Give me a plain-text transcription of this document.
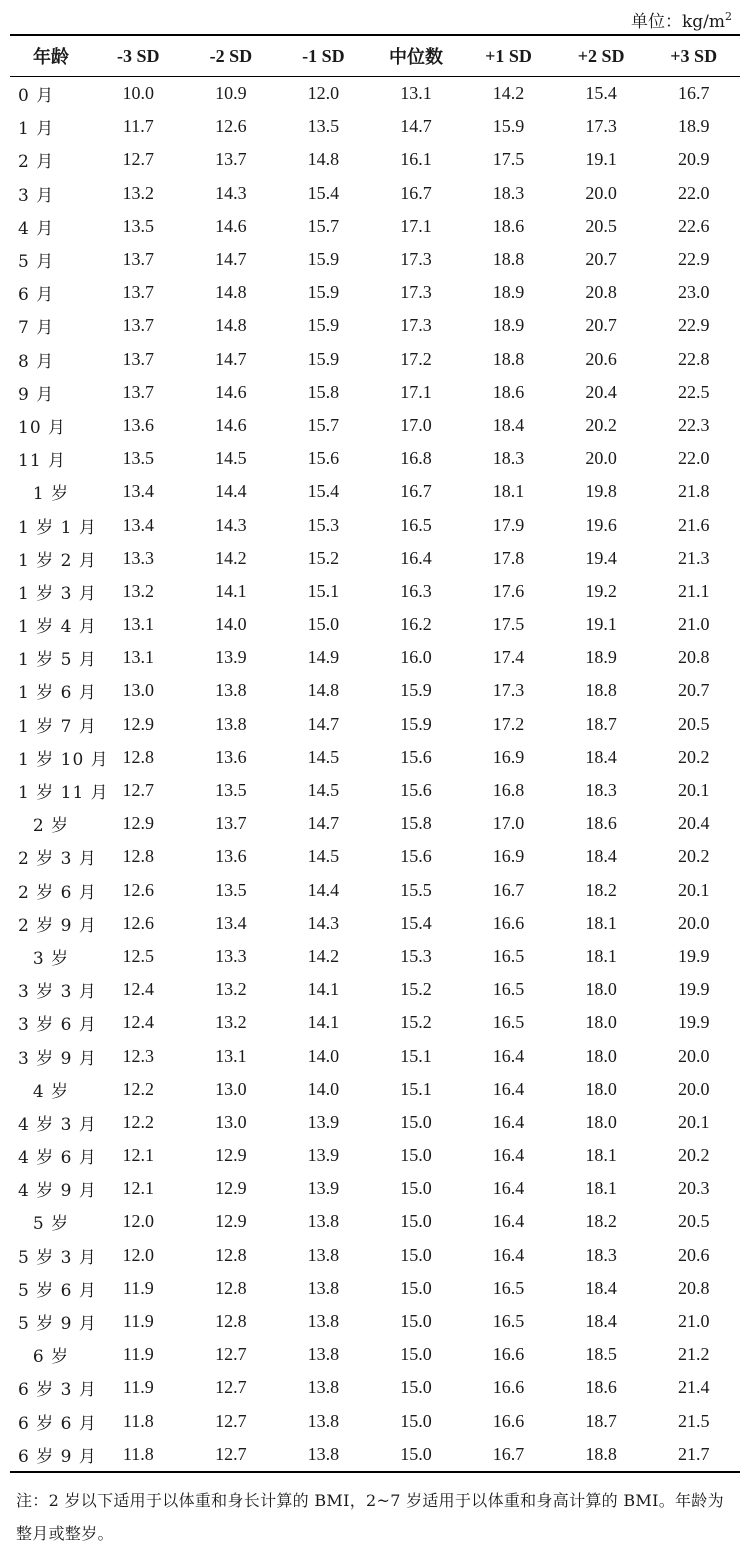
单位：$kg/m^2$
年龄	-3 SD	-2 SD	-1 SD	中位数	+1 SD	+2 SD	+3 SD
0 月	10.0	10.9	12.0	13.1	14.2	15.4	16.7
1 月	11.7	12.6	13.5	14.7	15.9	17.3	18.9
2 月	12.7	13.7	14.8	16.1	17.5	19.1	20.9
3 月	13.2	14.3	15.4	16.7	18.3	20.0	22.0
4 月	13.5	14.6	15.7	17.1	18.6	20.5	22.6
5 月	13.7	14.7	15.9	17.3	18.8	20.7	22.9
6 月	13.7	14.8	15.9	17.3	18.9	20.8	23.0
7 月	13.7	14.8	15.9	17.3	18.9	20.7	22.9
8 月	13.7	14.7	15.9	17.2	18.8	20.6	22.8
9 月	13.7	14.6	15.8	17.1	18.6	20.4	22.5
10 月	13.6	14.6	15.7	17.0	18.4	20.2	22.3
11 月	13.5	14.5	15.6	16.8	18.3	20.0	22.0
1 岁	13.4	14.4	15.4	16.7	18.1	19.8	21.8
1 岁 1 月	13.4	14.3	15.3	16.5	17.9	19.6	21.6
1 岁 2 月	13.3	14.2	15.2	16.4	17.8	19.4	21.3
1 岁 3 月	13.2	14.1	15.1	16.3	17.6	19.2	21.1
1 岁 4 月	13.1	14.0	15.0	16.2	17.5	19.1	21.0
1 岁 5 月	13.1	13.9	14.9	16.0	17.4	18.9	20.8
1 岁 6 月	13.0	13.8	14.8	15.9	17.3	18.8	20.7
1 岁 7 月	12.9	13.8	14.7	15.9	17.2	18.7	20.5
1 岁 10 月	12.8	13.6	14.5	15.6	16.9	18.4	20.2
1 岁 11 月	12.7	13.5	14.5	15.6	16.8	18.3	20.1
2 岁	12.9	13.7	14.7	15.8	17.0	18.6	20.4
2 岁 3 月	12.8	13.6	14.5	15.6	16.9	18.4	20.2
2 岁 6 月	12.6	13.5	14.4	15.5	16.7	18.2	20.1
2 岁 9 月	12.6	13.4	14.3	15.4	16.6	18.1	20.0
3 岁	12.5	13.3	14.2	15.3	16.5	18.1	19.9
3 岁 3 月	12.4	13.2	14.1	15.2	16.5	18.0	19.9
3 岁 6 月	12.4	13.2	14.1	15.2	16.5	18.0	19.9
3 岁 9 月	12.3	13.1	14.0	15.1	16.4	18.0	20.0
4 岁	12.2	13.0	14.0	15.1	16.4	18.0	20.0
4 岁 3 月	12.2	13.0	13.9	15.0	16.4	18.0	20.1
4 岁 6 月	12.1	12.9	13.9	15.0	16.4	18.1	20.2
4 岁 9 月	12.1	12.9	13.9	15.0	16.4	18.1	20.3
5 岁	12.0	12.9	13.8	15.0	16.4	18.2	20.5
5 岁 3 月	12.0	12.8	13.8	15.0	16.4	18.3	20.6
5 岁 6 月	11.9	12.8	13.8	15.0	16.5	18.4	20.8
5 岁 9 月	11.9	12.8	13.8	15.0	16.5	18.4	21.0
6 岁	11.9	12.7	13.8	15.0	16.6	18.5	21.2
6 岁 3 月	11.9	12.7	13.8	15.0	16.6	18.6	21.4
6 岁 6 月	11.8	12.7	13.8	15.0	16.6	18.7	21.5
6 岁 9 月	11.8	12.7	13.8	15.0	16.7	18.8	21.7
注：2 岁以下适用于以体重和身长计算的 BMI，2~7 岁适用于以体重和身高计算的 BMI。年龄为整月或整岁。
